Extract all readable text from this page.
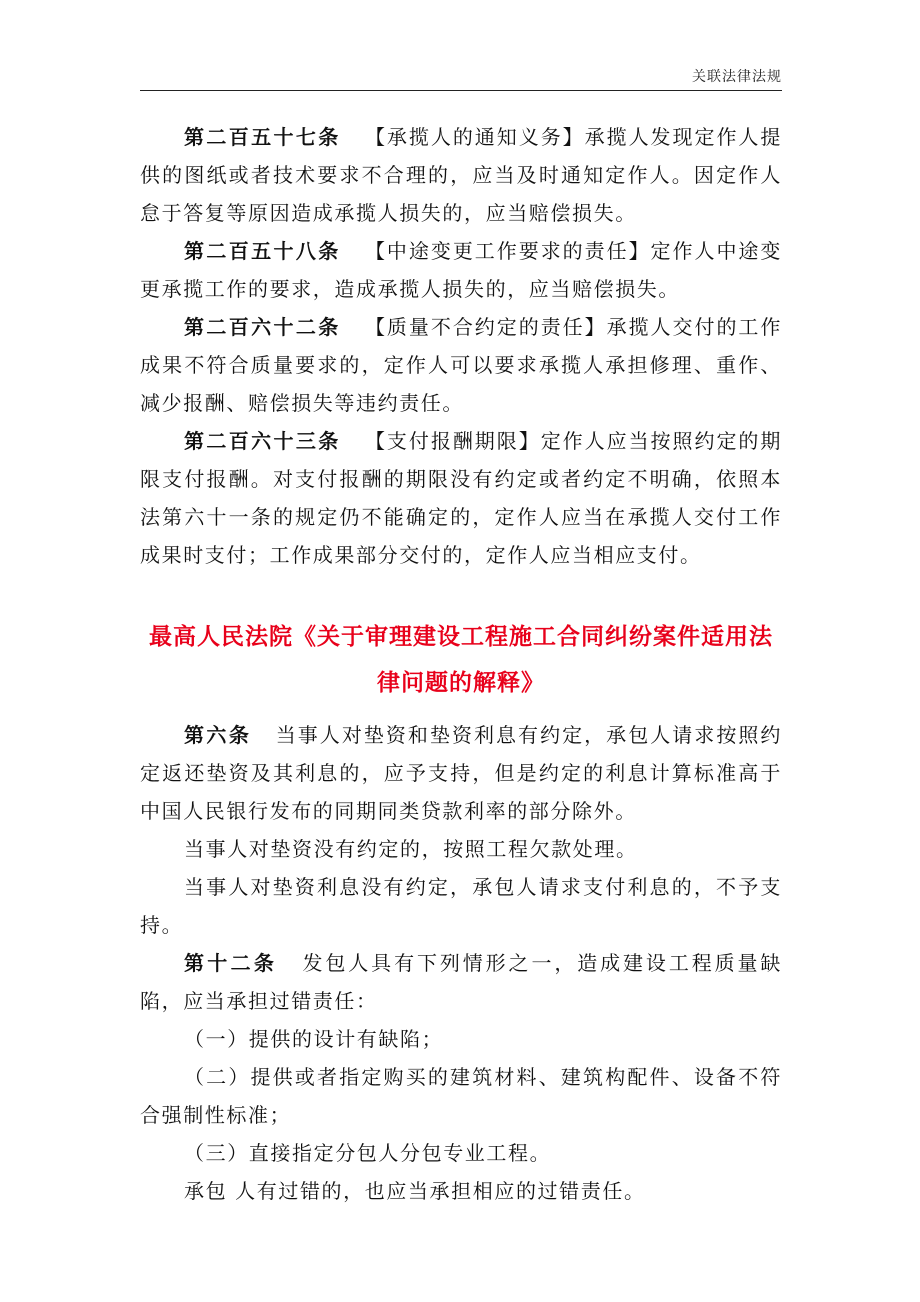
关联法律法规

第二百五十七条 【承揽人的通知义务】承揽人发现定作人提供的图纸或者技术要求不合理的，应当及时通知定作人。因定作人怠于答复等原因造成承揽人损失的，应当赔偿损失。

第二百五十八条 【中途变更工作要求的责任】定作人中途变更承揽工作的要求，造成承揽人损失的，应当赔偿损失。

第二百六十二条 【质量不合约定的责任】承揽人交付的工作成果不符合质量要求的，定作人可以要求承揽人承担修理、重作、减少报酬、赔偿损失等违约责任。

第二百六十三条 【支付报酬期限】定作人应当按照约定的期限支付报酬。对支付报酬的期限没有约定或者约定不明确，依照本法第六十一条的规定仍不能确定的，定作人应当在承揽人交付工作成果时支付；工作成果部分交付的，定作人应当相应支付。

最高人民法院《关于审理建设工程施工合同纠纷案件适用法
律问题的解释》

第六条 当事人对垫资和垫资利息有约定，承包人请求按照约定返还垫资及其利息的，应予支持，但是约定的利息计算标准高于中国人民银行发布的同期同类贷款利率的部分除外。

当事人对垫资没有约定的，按照工程欠款处理。

当事人对垫资利息没有约定，承包人请求支付利息的，不予支持。

第十二条 发包人具有下列情形之一，造成建设工程质量缺陷，应当承担过错责任：

（一）提供的设计有缺陷；

（二）提供或者指定购买的建筑材料、建筑构配件、设备不符合强制性标准；

（三）直接指定分包人分包专业工程。

承包 人有过错的，也应当承担相应的过错责任。
